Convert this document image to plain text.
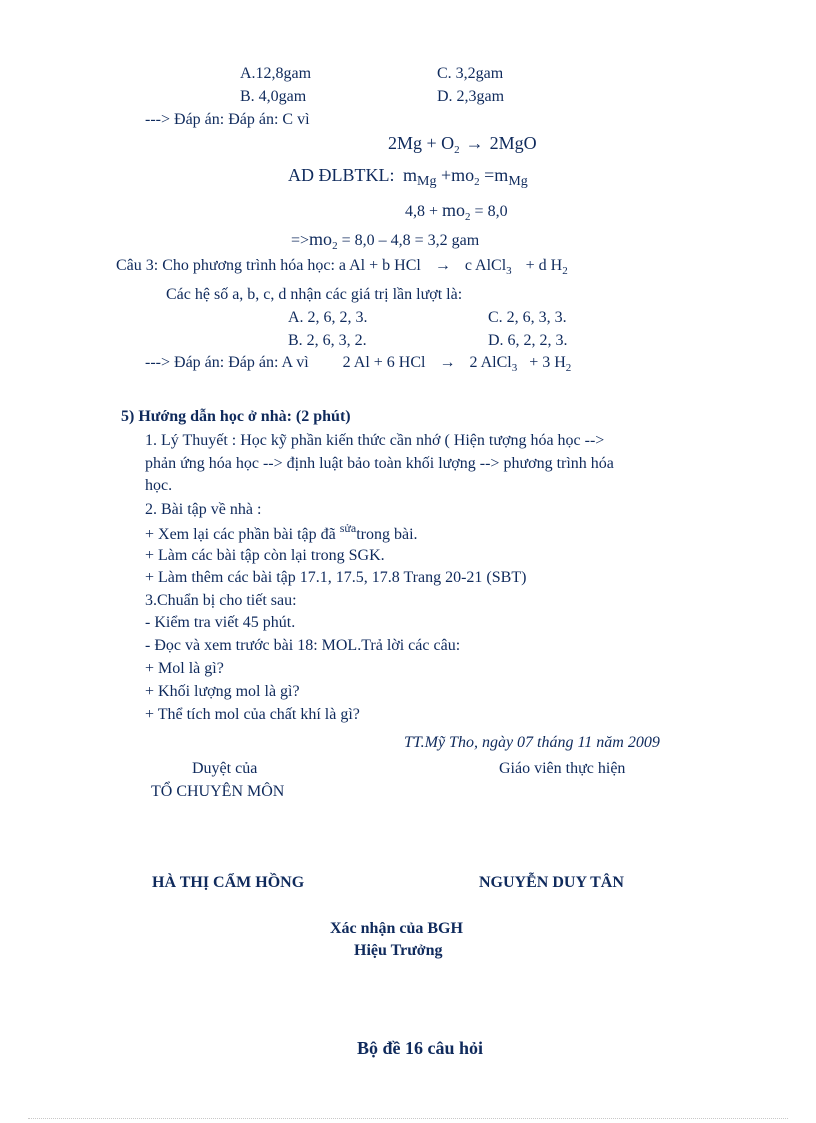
A.12,8gam	C. 3,2gam
B. 4,0gam	D. 2,3gam
---> Đáp án: Đáp án: C vì
$2Mg + O_2 \to 2MgO$
AD ĐLBTKL: $m_{Mg} +mo_2 =m_{Mg}$
$4,8 + mo_2 = 8,0$
$=>mo_2 = 8,0 - 4,8 = 3,2$ gam
Câu 3: Cho phương trình hóa học: a Al + b HCl → c AlCl$_3$ + d $H_2$
Các hệ số a, b, c, d nhận các giá trị lần lượt là:
A. 2, 6, 2, 3.	C. 2, 6, 3, 3.
B. 2, 6, 3, 2.	D. 6, 2, 2, 3.
---> Đáp án: Đáp án: A vì 2 Al + 6 HCl → 2 AlCl$_3$ + 3 $H_2$
5) Hướng dẫn học ở nhà: (2 phút)
1. Lý Thuyết : Học kỹ phần kiến thức cần nhớ ( Hiện tượng hóa học -->
phản ứng hóa học --> định luật bảo toàn khối lượng --> phương trình hóa
học.
2. Bài tập về nhà :
+ Xem lại các phần bài tập đã $^{sửa}$trong bài.
+ Làm các bài tập còn lại trong SGK.
+ Làm thêm các bài tập 17.1, 17.5, 17.8 Trang 20-21 (SBT)
3.Chuẩn bị cho tiết sau:
- Kiểm tra viết 45 phút.
- Đọc và xem trước bài 18: MOL.Trả lời các câu:
+ Mol là gì?
+ Khối lượng mol là gì?
+ Thể tích mol của chất khí là gì?
TT.Mỹ Tho, ngày 07 tháng 11 năm 2009
Duyệt của	Giáo viên thực hiện
TỔ CHUYÊN MÔN
HÀ THỊ CẨM HỒNG	NGUYỄN DUY TÂN
Xác nhận của BGH
Hiệu Trưởng
Bộ đề 16 câu hỏi
